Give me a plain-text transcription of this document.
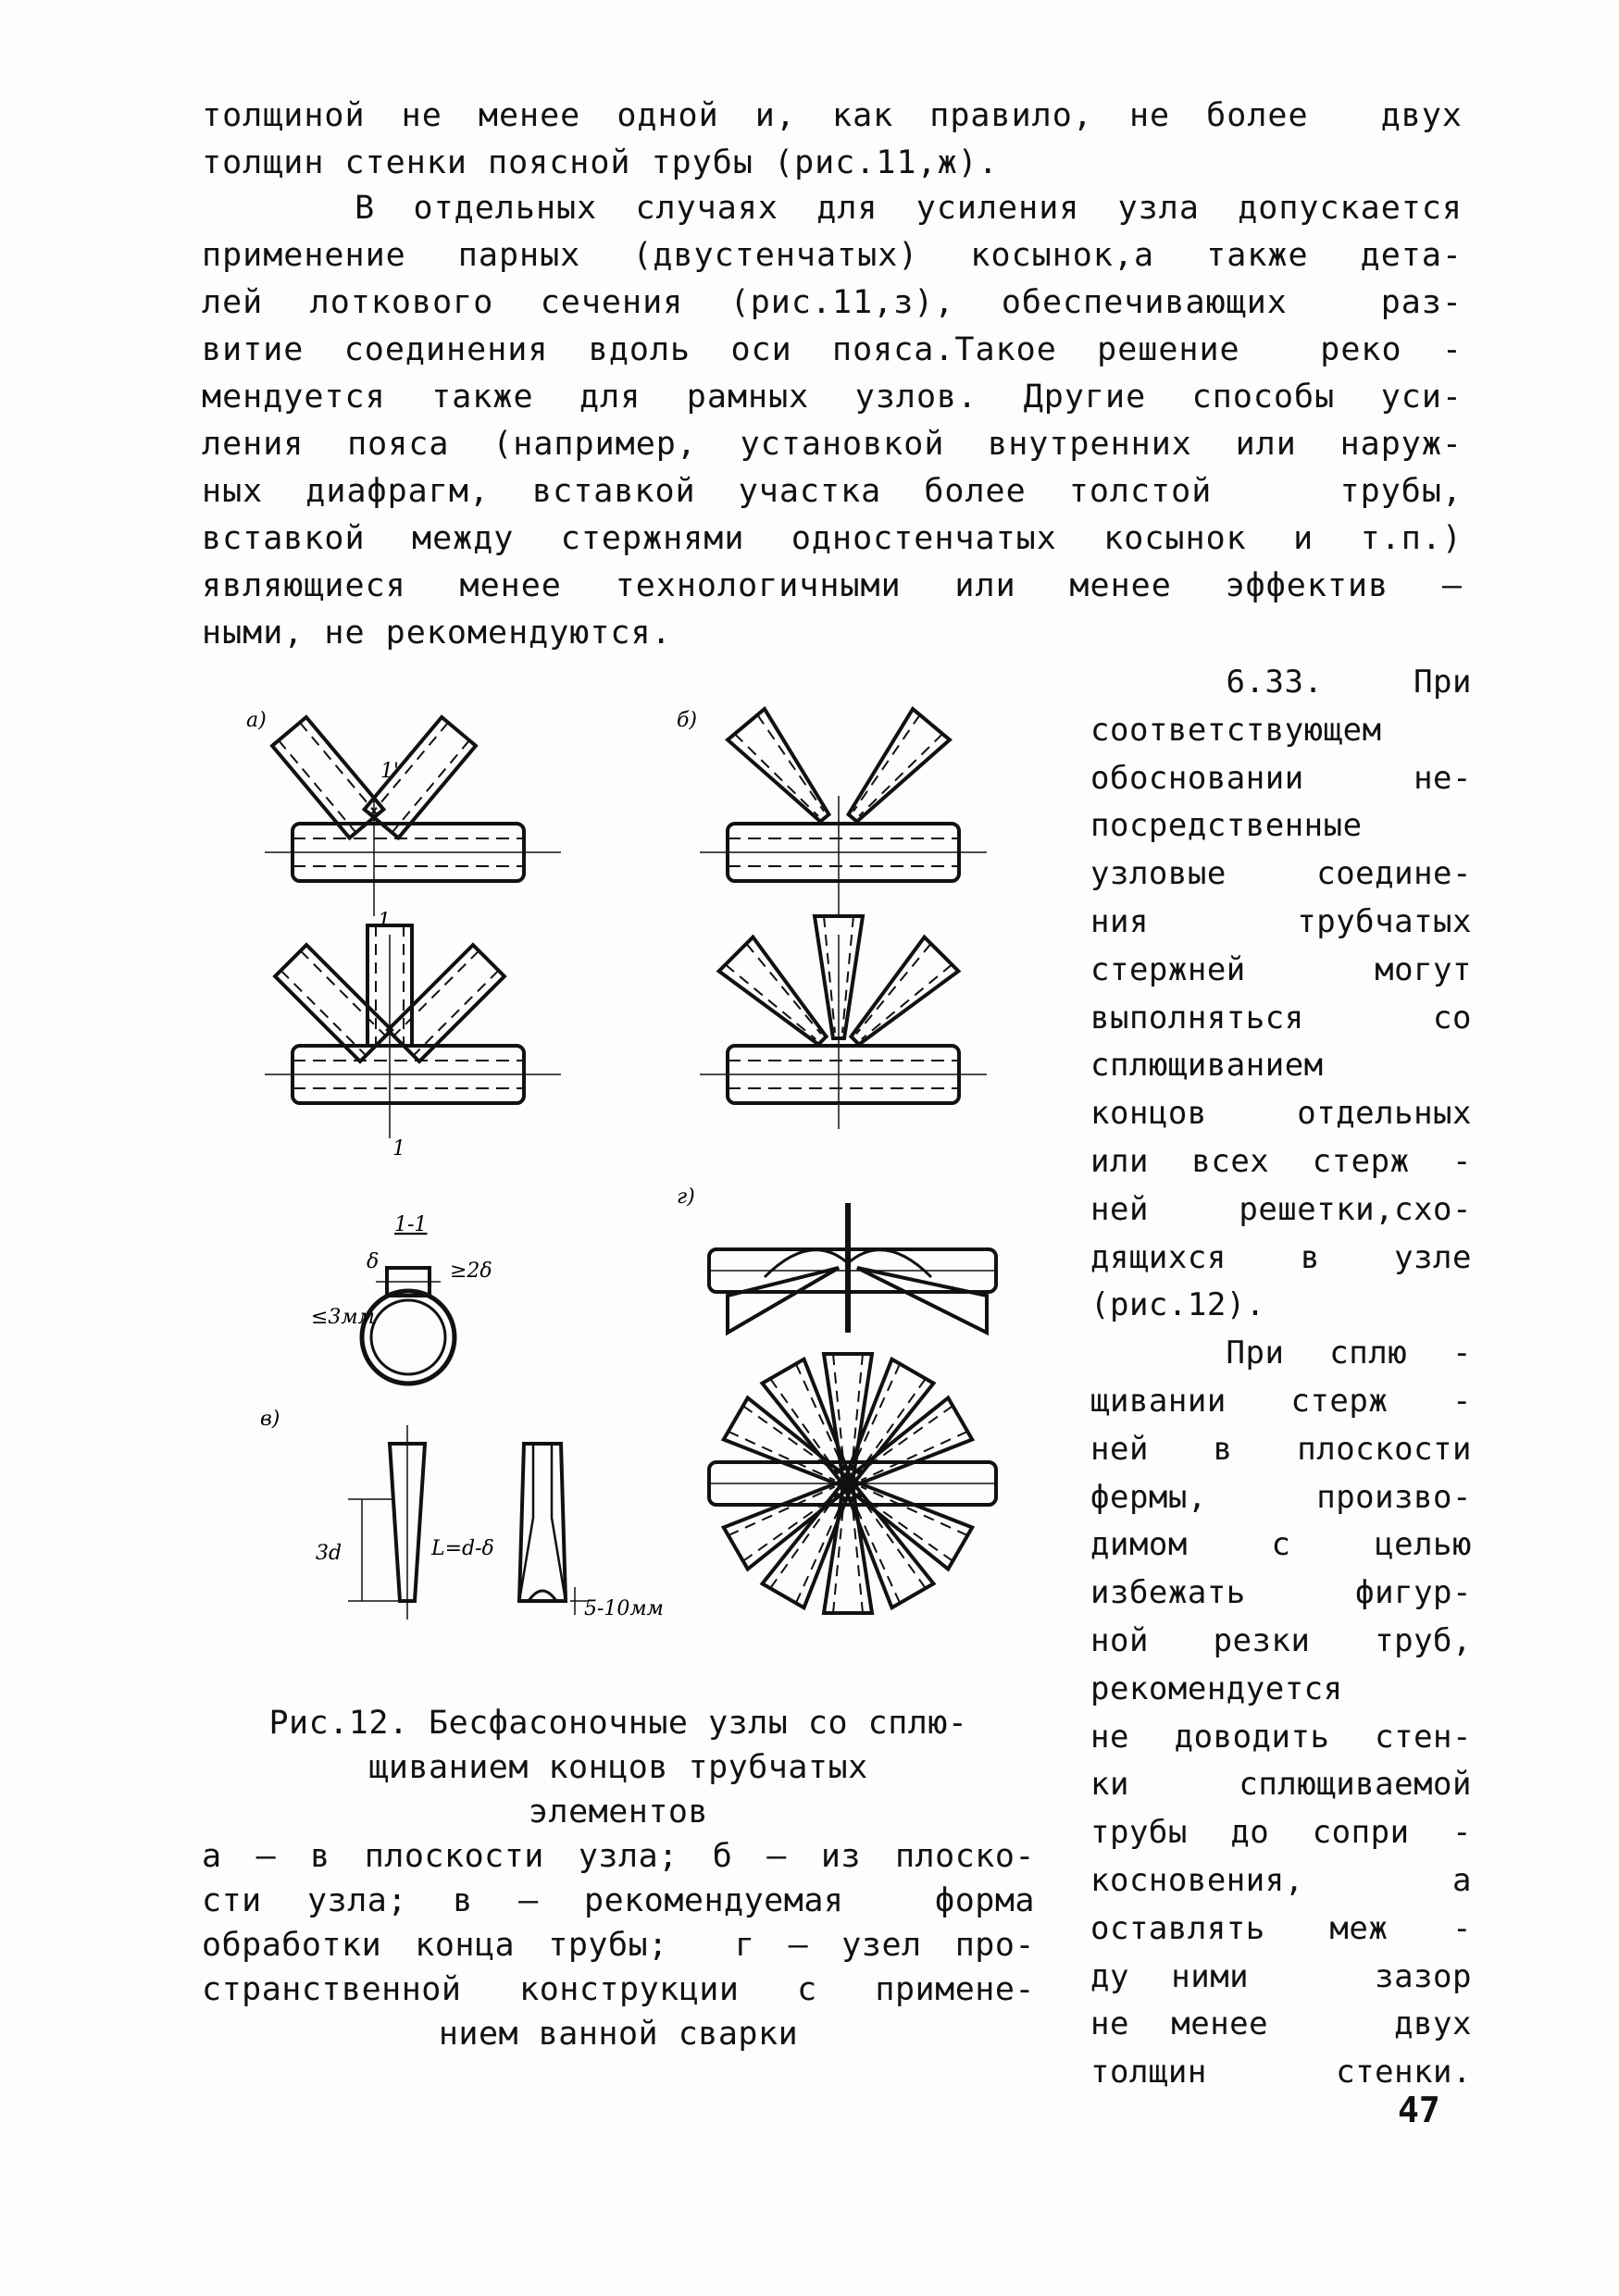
толщиной не менее одной и, как правило, не более  двух
толщин стенки поясной трубы (рис.11,ж).
В отдельных случаях для усиления узла допускается
применение парных (двустенчатых) косынок,а также дета-
лей лоткового сечения (рис.11,з), обеспечивающих  раз-
витие соединения вдоль оси пояса.Такое решение  реко -
мендуется также для рамных узлов. Другие способы уси-
ления пояса (например, установкой внутренних или наруж-
ных диафрагм, вставкой участка более толстой   трубы,
вставкой между стержнями одностенчатых косынок и т.п.)
являющиеся менее технологичными или менее эффектив –
ными, не рекомендуются.
6.33.  При
соответствующем
обосновании не-
посредственные
узловые соедине-
ния  трубчатых
стержней  могут
выполняться  со
сплющиванием
концов отдельных
или всех стерж -
ней решетки,схо-
дящихся в узле
(рис.12).
При сплю -
щивании стерж -
ней в плоскости
фермы, произво-
димом с целью
избежать фигур-
ной резки труб,
рекомендуется
не доводить стен-
ки сплющиваемой
трубы до сопри -
косновения,   а
оставлять меж -
ду ними   зазор
не менее   двух
толщин  стенки.
а)
1'
1
1
б)
1-1
δ	≥2δ
≤3мм
в)
3d	L=d-δ
5-10мм
г)
Рис.12. Бесфасоночные узлы со сплю-
щиванием концов трубчатых
элементов
а – в плоскости узла; б – из плоско-
сти узла; в – рекомендуемая  форма
обработки конца трубы;  г – узел про-
странственной конструкции с примене-
нием ванной сварки
47
